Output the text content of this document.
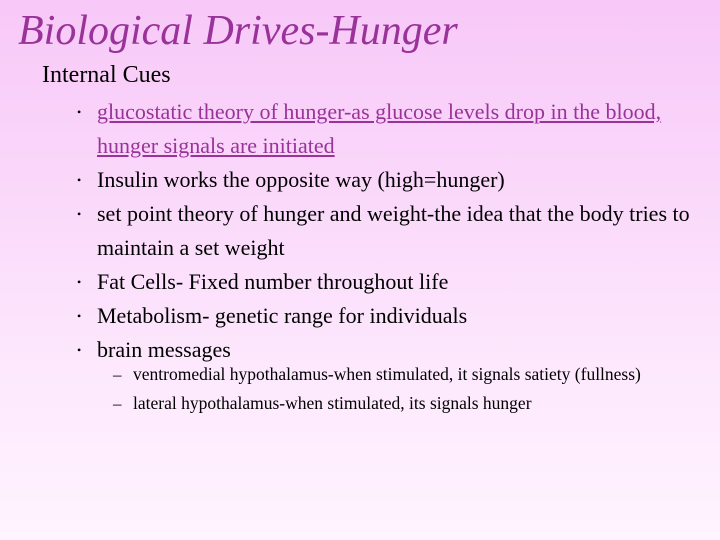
Biological Drives-Hunger
Internal Cues
• glucostatic theory of hunger-as glucose levels drop in the blood, hunger signals are initiated
• Insulin works the opposite way (high=hunger)
• set point theory of hunger and weight-the idea that the body tries to maintain a set weight
• Fat Cells- Fixed number throughout life
• Metabolism- genetic range for individuals
• brain messages
– ventromedial hypothalamus-when stimulated, it signals satiety (fullness)
– lateral hypothalamus-when stimulated, its signals hunger
